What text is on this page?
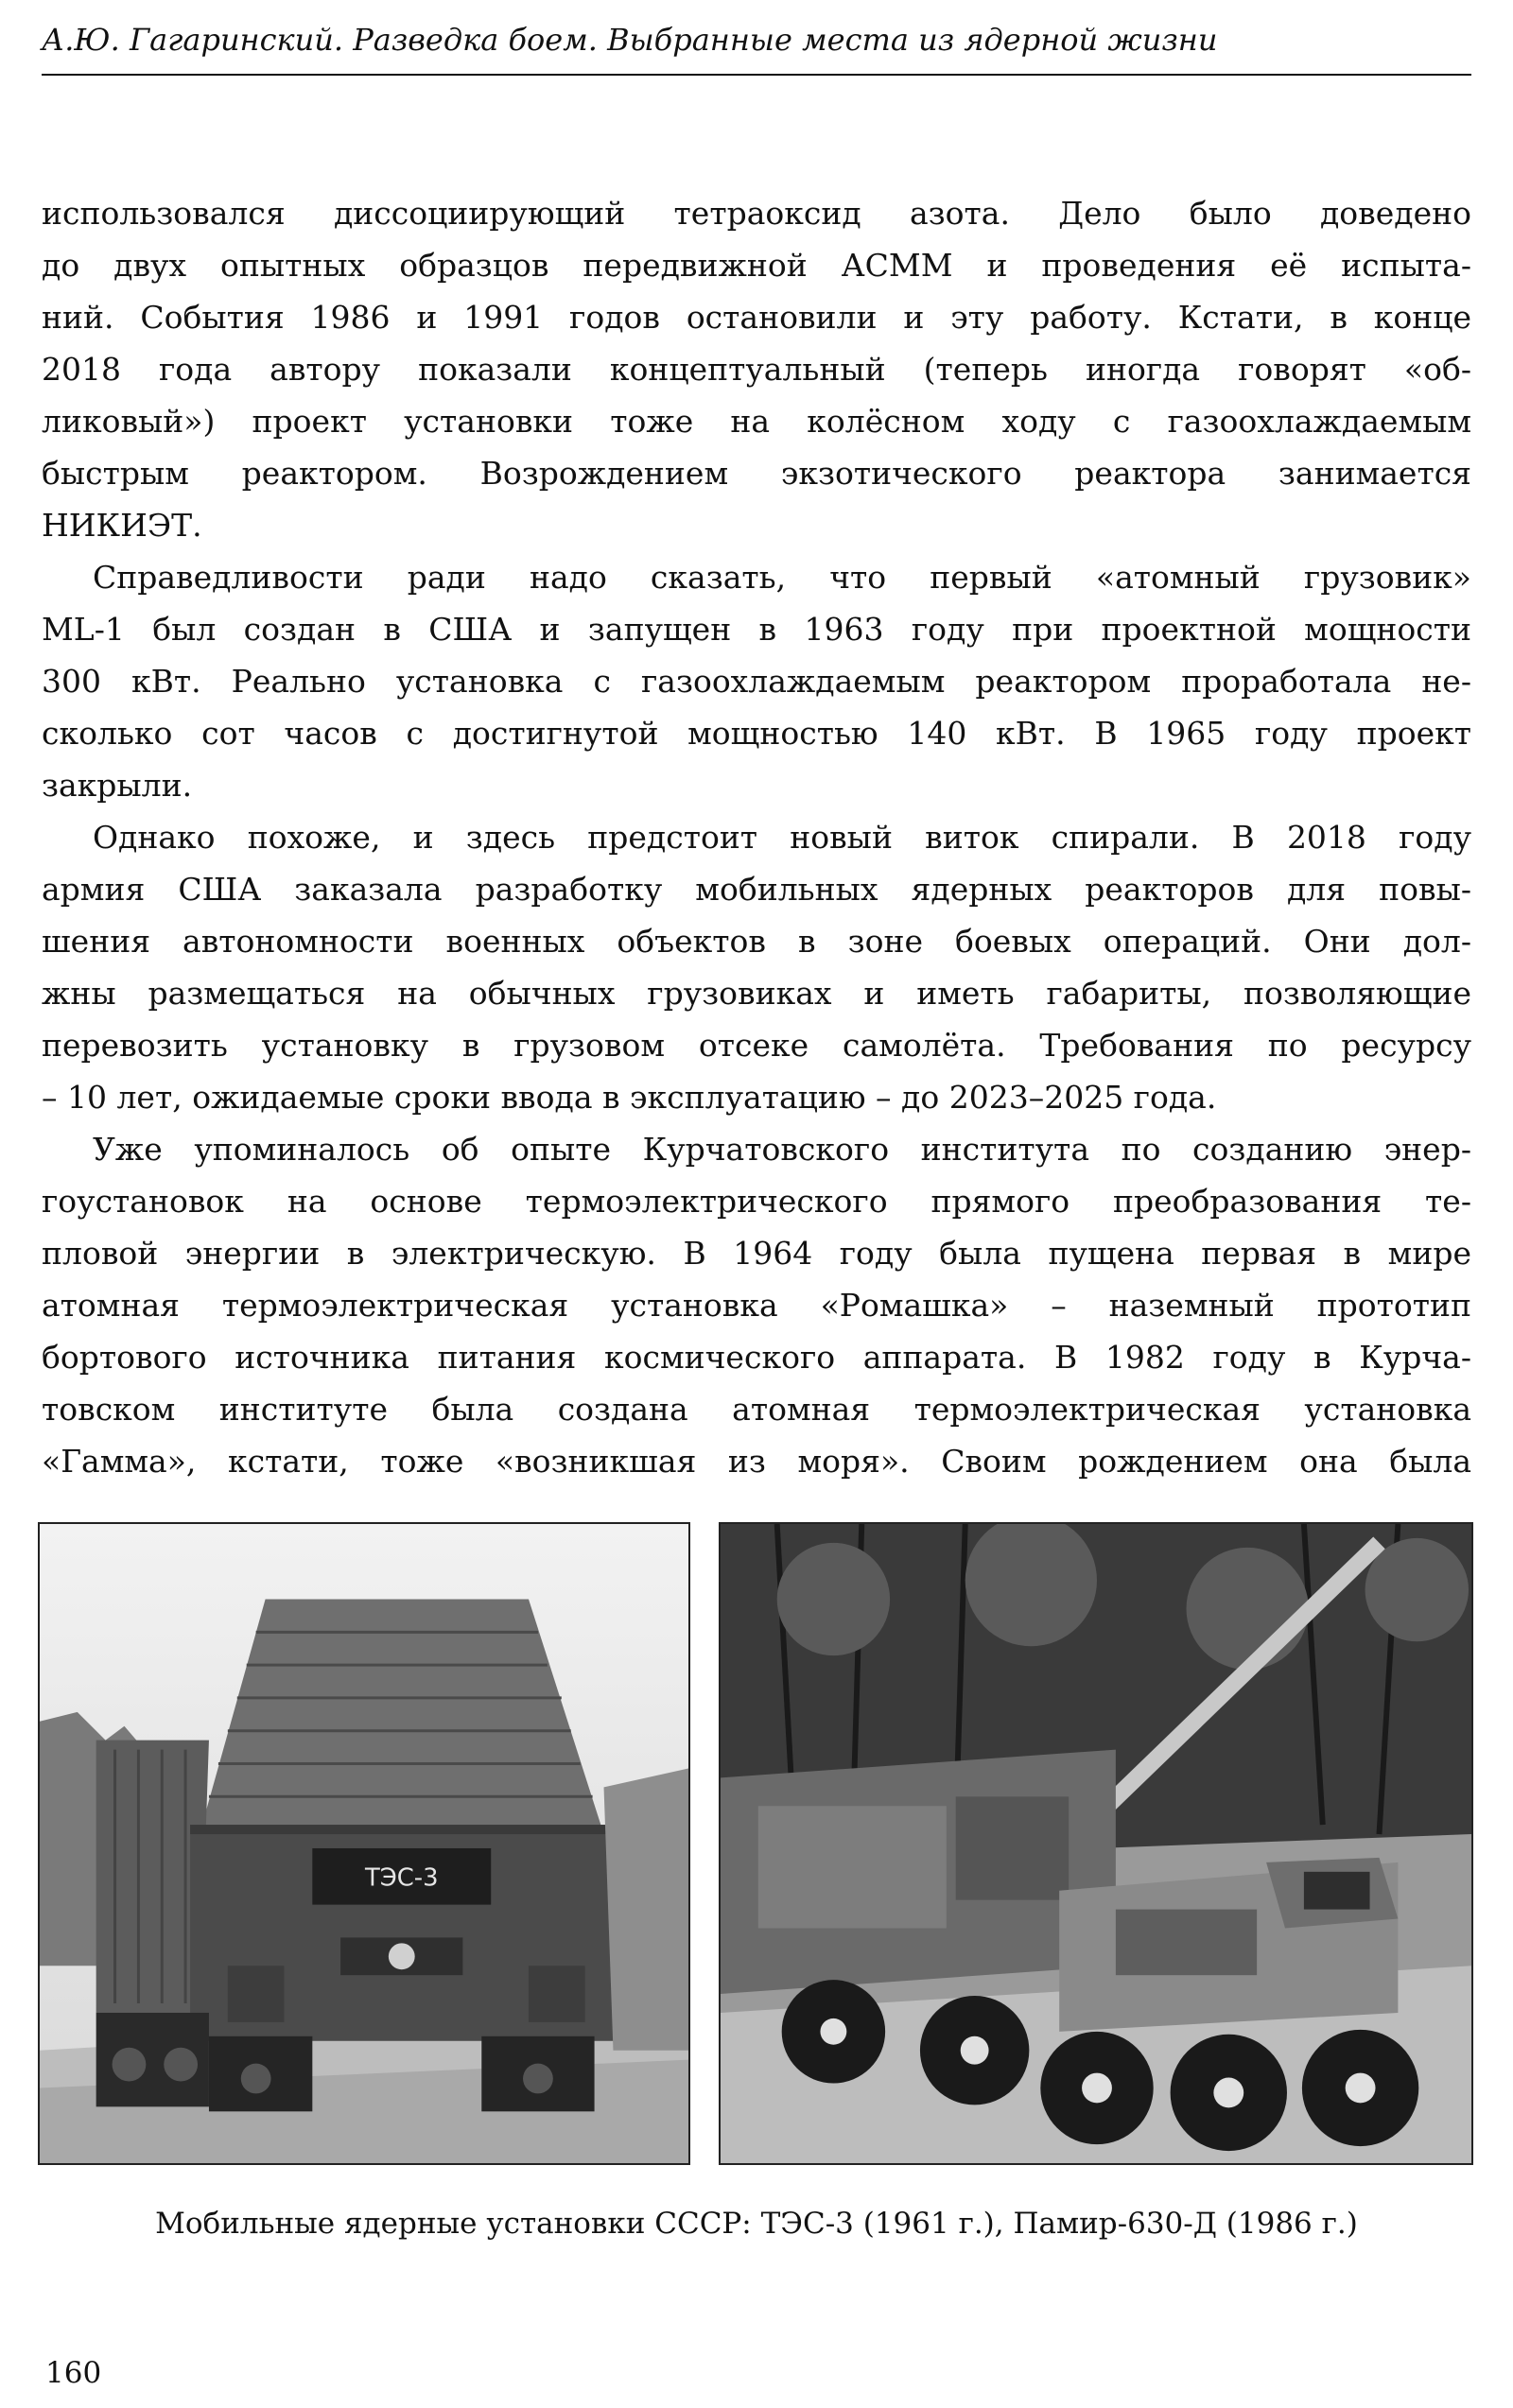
А.Ю. Гагаринский. Разведка боем. Выбранные места из ядерной жизни
использовался диссоциирующий тетраоксид азота. Дело было доведено
до двух опытных образцов передвижной АСММ и проведения её испыта-
ний. События 1986 и 1991 годов остановили и эту работу. Кстати, в конце
2018 года автору показали концептуальный (теперь иногда говорят «об-
ликовый») проект установки тоже на колёсном ходу с газоохлаждаемым
быстрым реактором. Возрождением экзотического реактора занимается
НИКИЭТ.
Справедливости ради надо сказать, что первый «атомный грузовик»
ML-1 был создан в США и запущен в 1963 году при проектной мощности
300 кВт. Реально установка с газоохлаждаемым реактором проработала не-
сколько сот часов с достигнутой мощностью 140 кВт. В 1965 году проект
закрыли.
Однако похоже, и здесь предстоит новый виток спирали. В 2018 году
армия США заказала разработку мобильных ядерных реакторов для повы-
шения автономности военных объектов в зоне боевых операций. Они дол-
жны размещаться на обычных грузовиках и иметь габариты, позволяющие
перевозить установку в грузовом отсеке самолёта. Требования по ресурсу
– 10 лет, ожидаемые сроки ввода в эксплуатацию – до 2023–2025 года.
Уже упоминалось об опыте Курчатовского института по созданию энер-
гоустановок на основе термоэлектрического прямого преобразования те-
пловой энергии в электрическую. В 1964 году была пущена первая в мире
атомная термоэлектрическая установка «Ромашка» – наземный прототип
бортового источника питания космического аппарата. В 1982 году в Курча-
товском институте была создана атомная термоэлектрическая установка
«Гамма», кстати, тоже «возникшая из моря». Своим рождением она была
ТЭС-3
Мобильные ядерные установки СССР: ТЭС-3 (1961 г.), Памир-630-Д (1986 г.)
160
